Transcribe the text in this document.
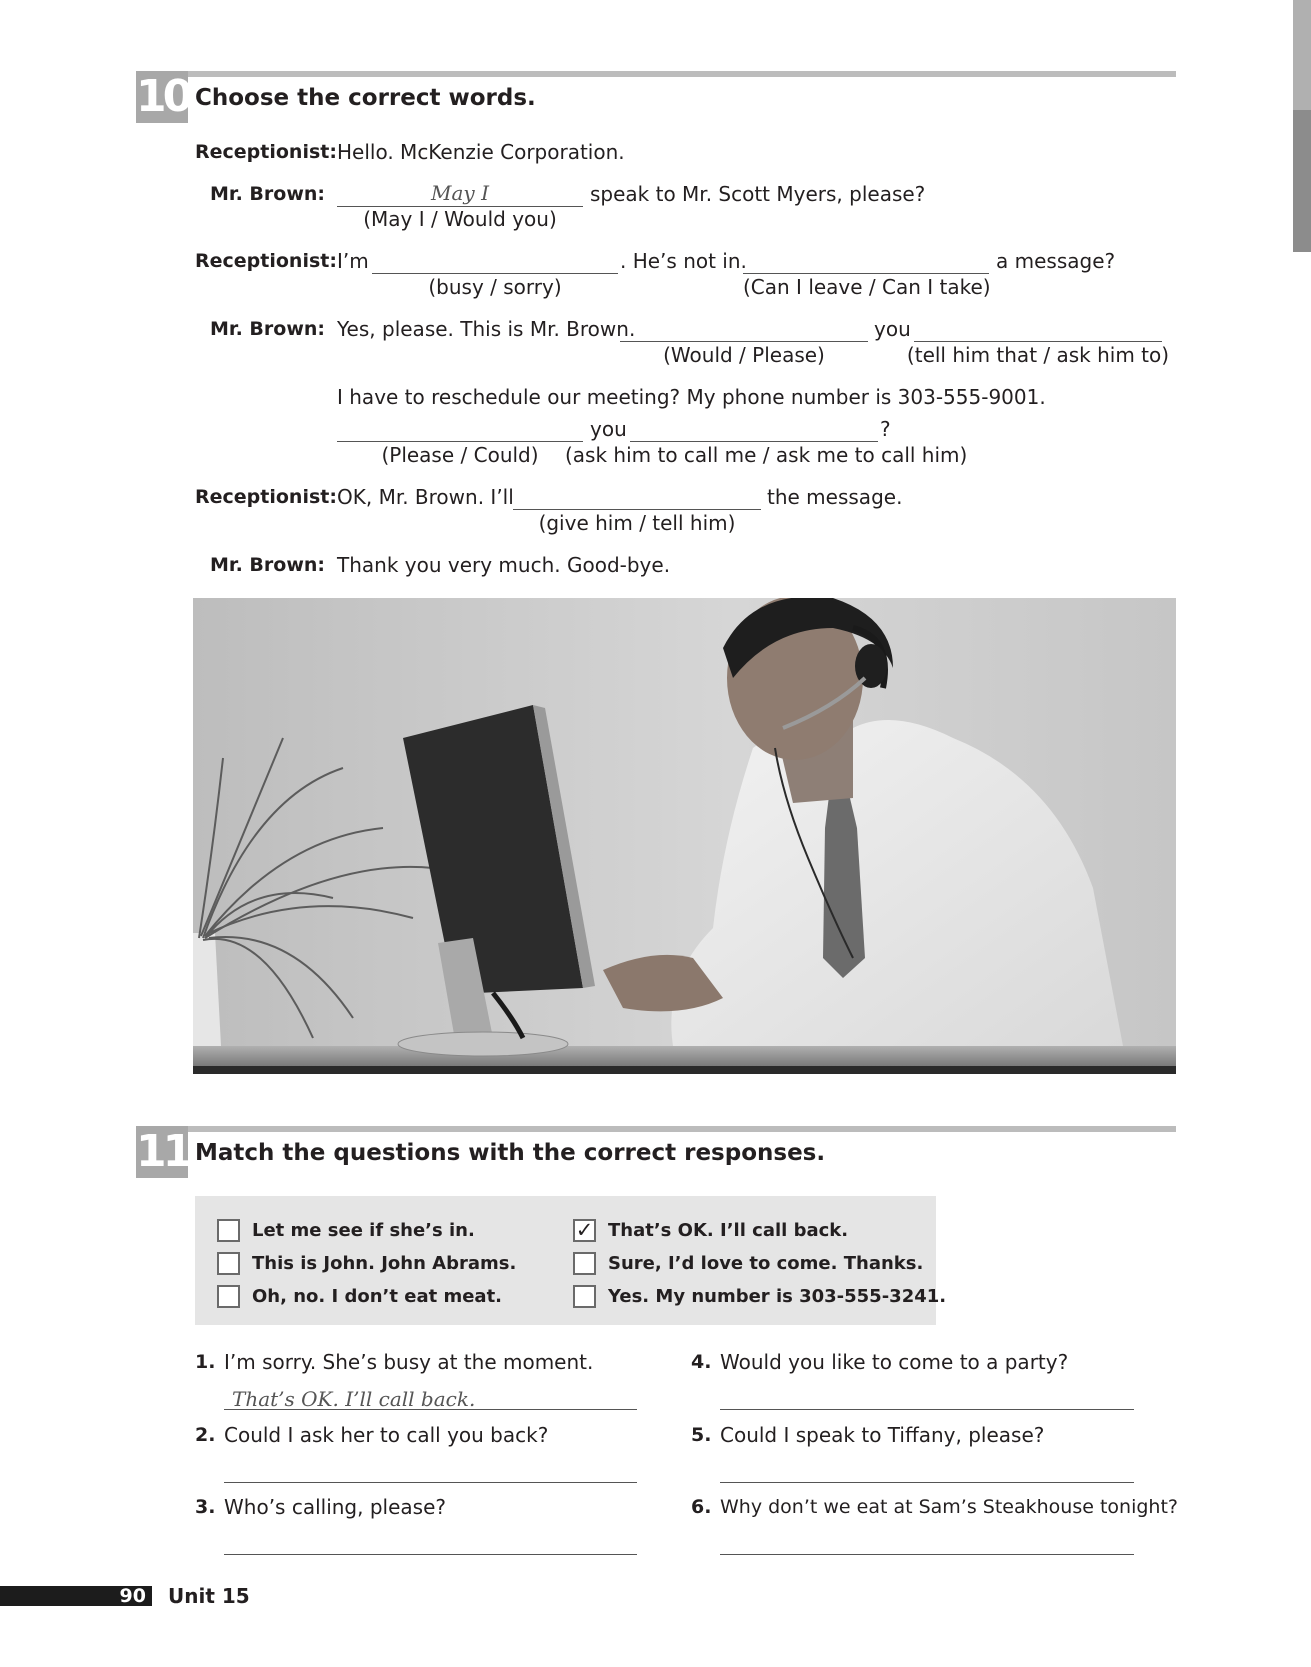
10 Choose the correct words.
Receptionist: Hello. McKenzie Corporation.
Mr. Brown:	May I	speak to Mr. Scott Myers, please?
(May I / Would you)
Receptionist: I’m	. He’s not in.	a message?
(busy / sorry)	(Can I leave / Can I take)
Mr. Brown: Yes, please. This is Mr. Brown.	you
(Would / Please)	(tell him that / ask him to)
I have to reschedule our meeting? My phone number is 303-555-9001.
you	?
(Please / Could)	(ask him to call me / ask me to call him)
Receptionist: OK, Mr. Brown. I’ll	the message.
(give him / tell him)
Mr. Brown: Thank you very much. Good-bye.
11 Match the questions with the correct responses.
Let me see if she’s in.
This is John. John Abrams.
Oh, no. I don’t eat meat.
✓ That’s OK. I’ll call back.
Sure, I’d love to come. Thanks.
Yes. My number is 303-555-3241.
1. I’m sorry. She’s busy at the moment.
That’s OK. I’ll call back.
2. Could I ask her to call you back?
3. Who’s calling, please?
4. Would you like to come to a party?
5. Could I speak to Tiffany, please?
6. Why don’t we eat at Sam’s Steakhouse tonight?
90	Unit 15
